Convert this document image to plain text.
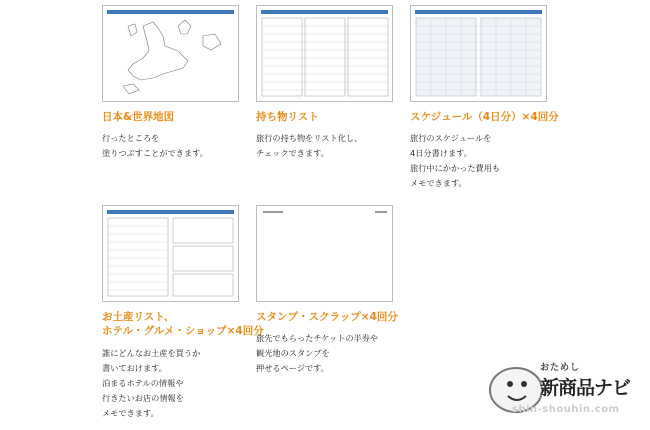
日本&世界地図
行ったところを
塗りつぶすことができます。
持ち物リスト
旅行の持ち物をリスト化し、
チェックできます。
スケジュール（4日分）×4回分
旅行のスケジュールを
4日分書けます。
旅行中にかかった費用も
メモできます。
お土産リスト、
ホテル・グルメ・ショップ×4回分
誰にどんなお土産を買うか
書いておけます。
泊まるホテルの情報や
行きたいお店の情報を
メモできます。
スタンプ・スクラップ×4回分
旅先でもらったチケットの半券や
観光地のスタンプを
押せるページです。	おためし
新商品ナビ
shin-shouhin.com
